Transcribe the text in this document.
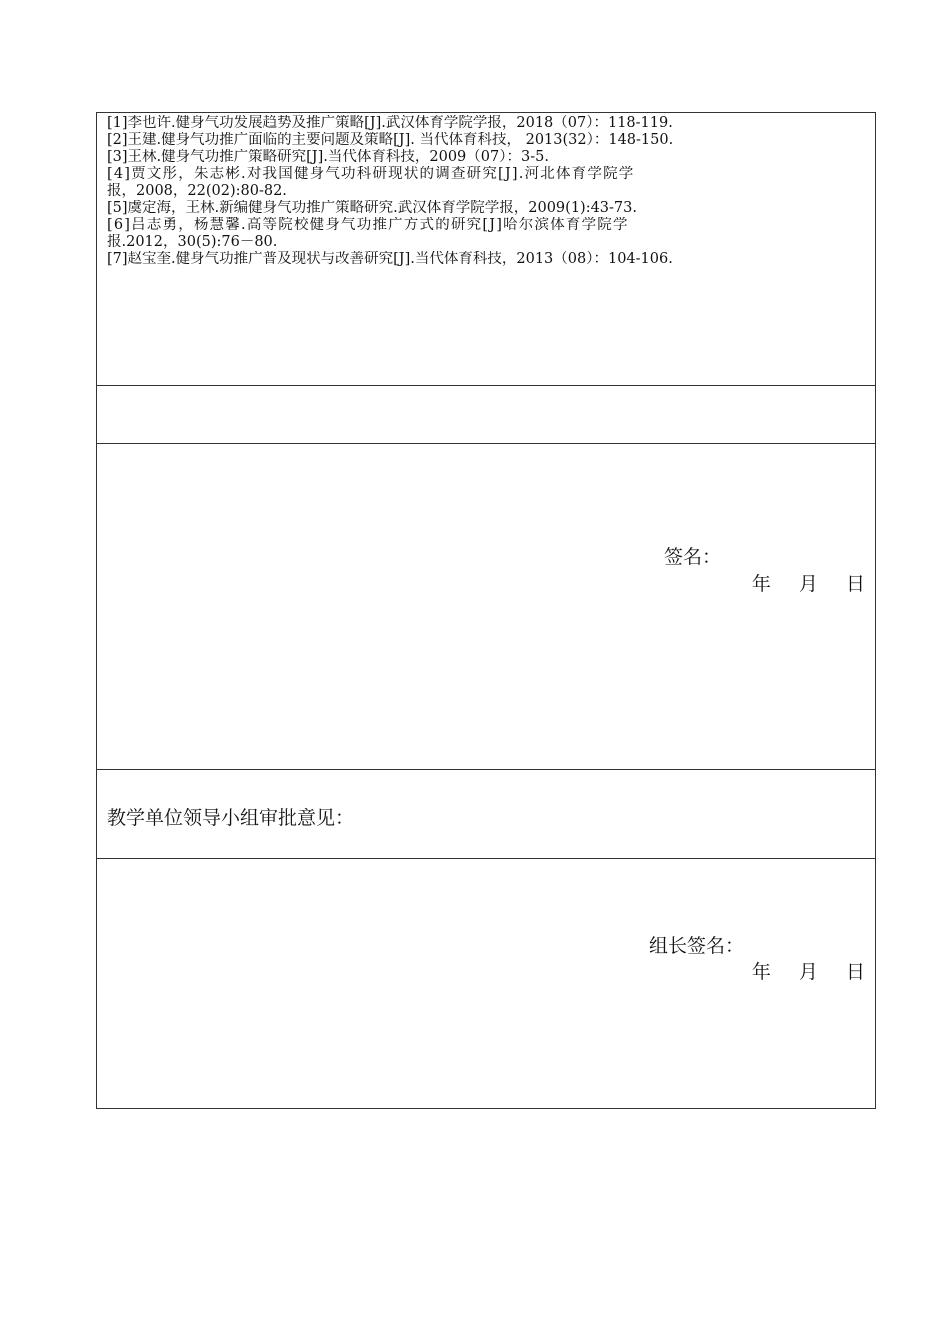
[1]李也许.健身气功发展趋势及推广策略[J].武汉体育学院学报，2018（07）：118-119.
[2]王建.健身气功推广面临的主要问题及策略[J]. 当代体育科技， 2013(32）：148-150.
[3]王林.健身气功推广策略研究[J].当代体育科技，2009（07）：3-5.
[4]贾文彤，朱志彬.对我国健身气功科研现状的调查研究[J].河北体育学院学
报，2008，22(02):80-82.
[5]虞定海，王林.新编健身气功推广策略研究.武汉体育学院学报，2009(1):43-73.
[6]吕志勇，杨慧馨.高等院校健身气功推广方式的研究[J]哈尔滨体育学院学
报.2012，30(5):76－80.
[7]赵宝奎.健身气功推广普及现状与改善研究[J].当代体育科技，2013（08）：104-106.
签名：
年 月 日
教学单位领导小组审批意见：
组长签名：
年 月 日
